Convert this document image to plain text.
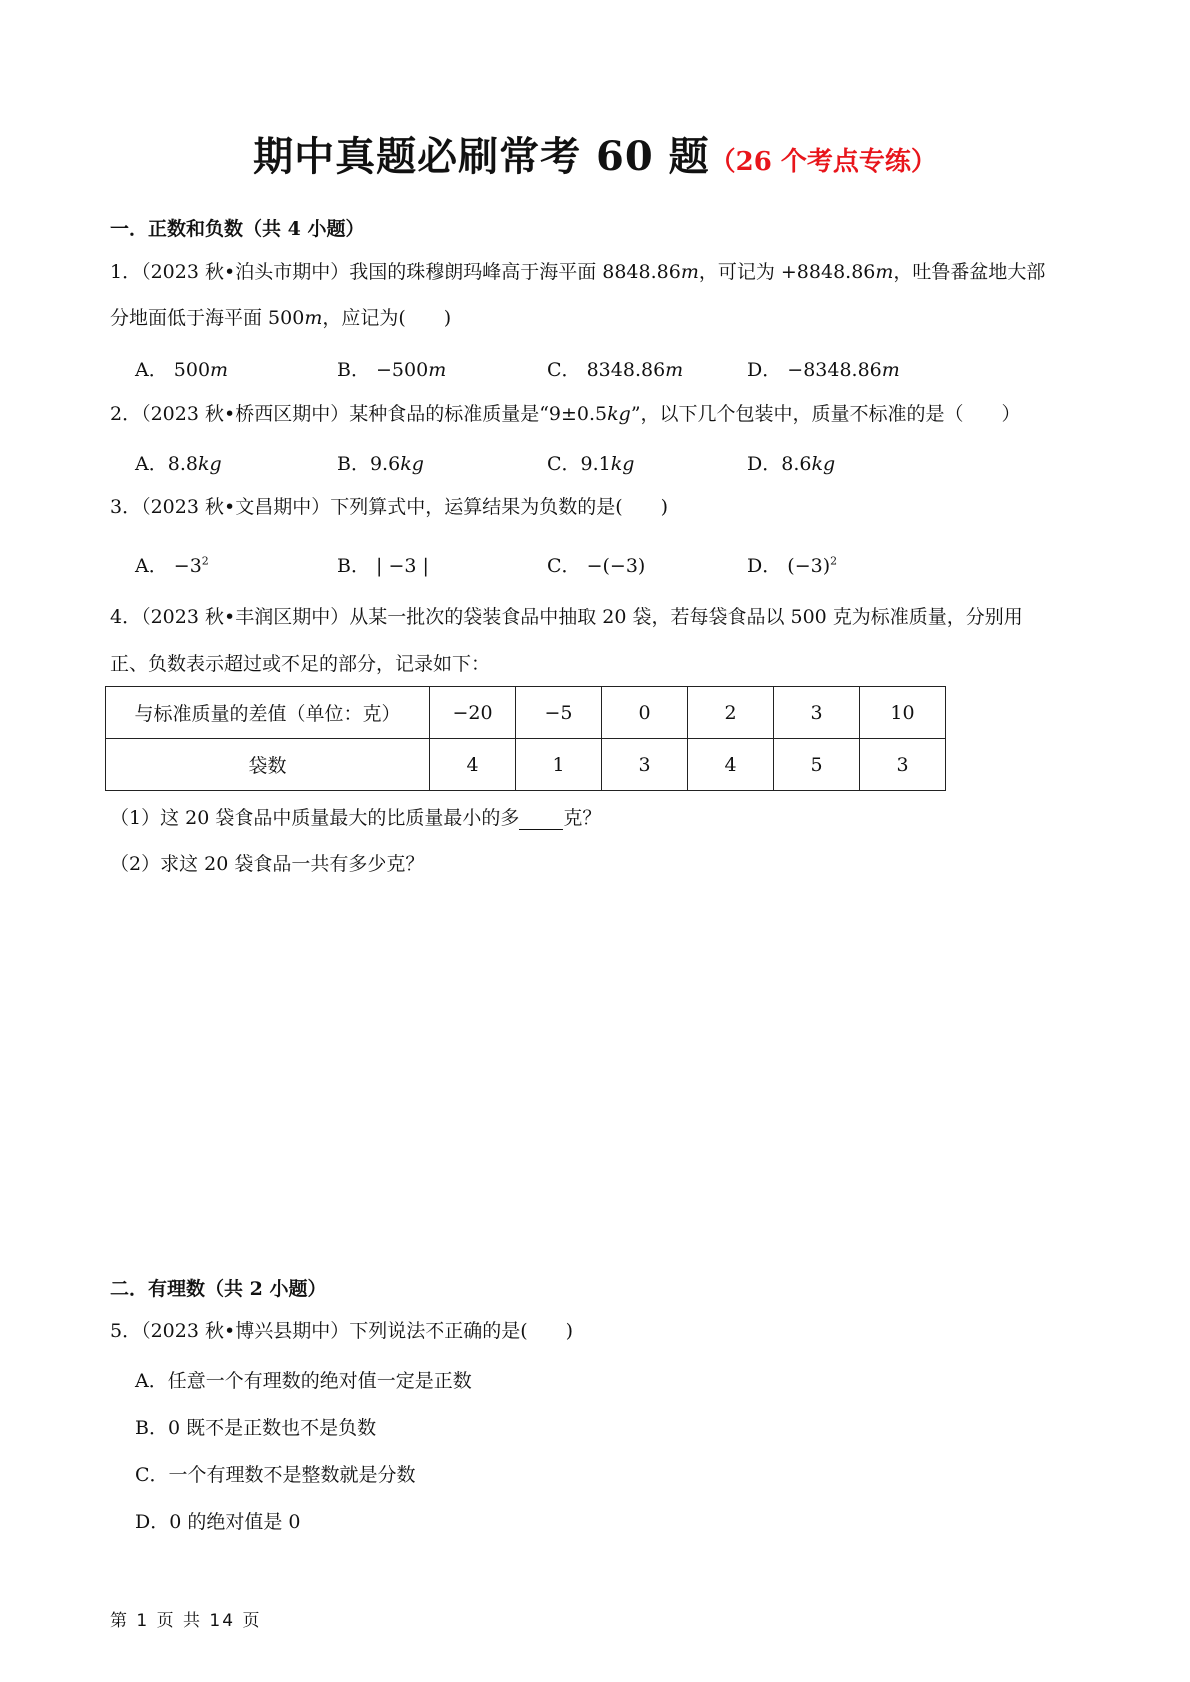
期中真题必刷常考 60 题（26 个考点专练）
一．正数和负数（共 4 小题）
1．（2023 秋•泊头市期中）我国的珠穆朗玛峰高于海平面 8848.86m，可记为 +8848.86m，吐鲁番盆地大部
分地面低于海平面 500m，应记为(　　)
A． 500m	B． −500m	C． 8348.86m	D． −8348.86m
2．（2023 秋•桥西区期中）某种食品的标准质量是“9±0.5kg”，以下几个包装中，质量不标准的是（　　）
A．8.8kg	B．9.6kg	C．9.1kg	D．8.6kg
3．（2023 秋•文昌期中）下列算式中，运算结果为负数的是(　　)
A． $-3^2$	B． | −3 |	C． −(−3)	D． $(-3)^2$
4．（2023 秋•丰润区期中）从某一批次的袋装食品中抽取 20 袋，若每袋食品以 500 克为标准质量，分别用
正、负数表示超过或不足的部分，记录如下：
与标准质量的差值（单位：克）	−20	−5	0	2	3	10
袋数	4	1	3	4	5	3
（1）这 20 袋食品中质量最大的比质量最小的多 克？
（2）求这 20 袋食品一共有多少克？
二．有理数（共 2 小题）
5．（2023 秋•博兴县期中）下列说法不正确的是(　　)
A．任意一个有理数的绝对值一定是正数
B．0 既不是正数也不是负数
C．一个有理数不是整数就是分数
D．0 的绝对值是 0
第 1 页 共 14 页
